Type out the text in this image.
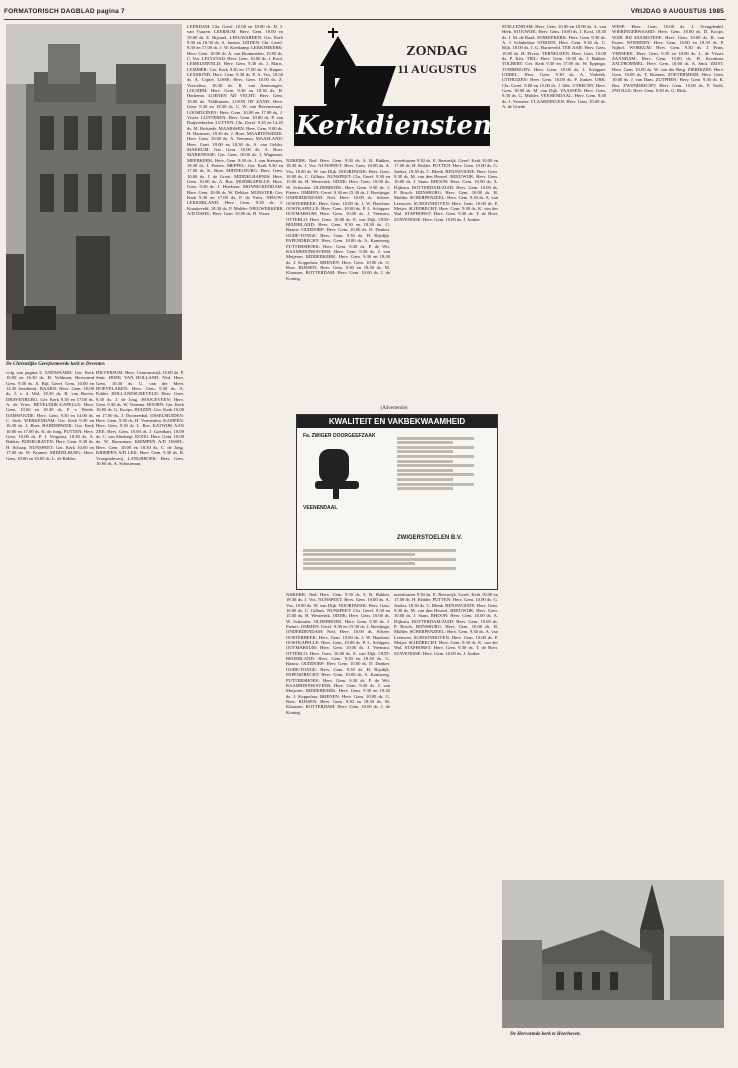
FORMATORISCH DAGBLAD pagina 7	VRIJDAG 9 AUGUSTUS 1985
De Christelijke Gereformeerde kerk te Deventer.

volg van pagina 6. ENDWAARD: Ger. Kerk 10.00 en 16.30 ds. H. Veldman; Hervormd Gem. 9.30 ds. A. Bijl, Geref. Gem. 10.00 en 14.30 leesdienst. BAARN: Herv. Gem. 10.00 ds. J. v. d. Wal, 18.30 ds. R. van Boven. DRAVENBURG: Ger. Kerk 9.30 en 17.00 ds. A. de Vries. BEVELDIJK-CAPELLE: Herv. Gem. 10.00 en 18.30 ds. F. v. Weele. DAMWOUDE: Herv. Gem. 9.30 en 14.00 ds. C. Stok. WERKENDAM: Ger. Kerk 9.30 en 16.30 ds. J. Boer. HARDERWIJK: Ger. Kerk 10.00 en 17.00 ds. K. de Jong. PUTTEN: Herv. Gem. 10.00 ds. P. J. Vergunst, 18.30 ds. A. Bakker. BODEGRAVEN: Herv. Gem. 9.30 ds. H. Schaap. NUNSPEET: Ger. Kerk 10.00 en 17.00 ds. W. Kramer. MIDDELBURG: Herv. Gem. 10.00 en 18.00 ds. L. de Ridder.

HILVERSUM: Herv. Centrumwijk 10.00 ds. P. Smit. HOEK VAN HOLLAND: Ned. Herv. Gem. 10.30 ds. G. van der Meer. HOEVELAKEN: Herv. Gem. 9.30 ds. A. Polder. HOLLANDSCHEVELD: Herv. Gem. 9.30 ds. J. de Jong. HOOGEVEEN: Herv. Gem. 9.30 ds. W. Venema. HOORN: Ger. Kerk 10.00 ds. G. Koops. HUIZEN: Ger. Kerk 10.00 en 17.00 ds. J. Doornenbal. IJSSELMUIDEN: Herv. Gem. 9.30 ds. H. Vermeulen. KAMPEN: Herv. Gem. 9.30 ds. L. Bos. KATWIJK AAN ZEE: Herv. Gem. 10.00 ds. J. Goedhart, 18.00 ds. C. van Sliedregt. KOOG: Herv. Gem. 10.00 ds. W. Bouwman. KRIMPEN A/D IJSSEL: Herv. Gem. 10.00 en 18.30 ds. C. de Jong. KRIMPEN A/D LEK: Herv. Gem. 9.30 ds. B. Vroegindeweij. LANGBROEK: Herv. Gem. 10.00 ds. A. Schuurman.

LEERDAM: Chr. Geref. 10.00 en 18.00 ds. D. J. van Vuuren. LEERSUM: Herv. Gem. 10.00 en 19.00 ds. E. Bijvank. LEEUWARDEN: Ger. Kerk 9.30 en 16.30 ds. A. Jansen. LEIDEN: Chr. Geref. 9.30 en 17.00 ds. J. W. Kieskamp. LEKKERKERK: Herv. Gem. 10.00 ds. A. van Brummelen, 19.00 ds. C. Vos. LELYSTAD: Herv. Gem. 10.00 ds. J. Kool. LEMELERVELD: Herv. Gem. 9.30 ds. J. Maris. LEMMER: Ger. Kerk 9.30 en 17.00 ds. S. Kuiper. LEXMOND: Herv. Gem. 9.30 ds. P. A. Vos, 18.30 ds. A. Copier. LISSE: Herv. Gem. 10.00 ds. Z. Verwelius, 18.30 ds. R. van Amerongen. LOCHEM: Herv. Gem. 9.30 en 18.30 ds. H. Harkema. LOENEN AD VECHT: Herv. Gem. 10.00 ds. Veldhuizen. LOON OP ZAND: Herv. Gem. 9.30 en 18.30 ds. C. W. van Ravenswaaij. LOOSDUINEN: Herv. Gem. 10.00 en 17.00 ds. J. Visser. LUNTEREN: Herv. Gem. 10.00 ds. P. van Duijvenboden. LUTTEN: Chr. Geref. 9.45 en 14.45 ds. M. Hofstede. MAARSSEN: Herv. Gem. 9.00 ds. H. Harmsen, 18.30 ds. J. Boer. MAARTENSDIJK: Herv. Gem. 10.00 ds. A. Veerman. MAASLAND: Herv. Gem. 10.00 en 18.30 ds. A. van Gelder. MAKKUM: Ger. Gem. 10.00 ds. A. Boer. MARKNESSE: Ger. Gem. 10.00 ds. J. Wagenaar. MEERKERK: Herv. Gem. 9.30 ds. J. van Ittersum, 18.30 ds. J. Pieters. MEPPEL: Ger. Kerk 9.30 en 17.00 ds. K. Boer. MIDDELBURG: Herv. Gem. 10.00 ds. J. de Groot. MIDDELHARNIS: Herv. Gem. 10.00 ds. A. Bos. MOERKAPELLE: Herv. Gem. 9.30 ds. J. Hoekstra. MONNICKENDAM: Herv. Gem. 10.00 ds. W. Dekker. MONSTER: Ger. Kerk 9.30 en 17.00 ds. P. de Vries. NIEUW-LEKKERLAND: Herv. Gem. 9.30 ds. J. Kraaijeveld, 18.30 ds. P. Mulder. NIEUWERKERK A/D IJSSEL: Herv. Gem. 10.00 ds. H. Visser.

ZONDAG
11 AUGUSTUS
Kerkdiensten

NIJKERK: Ned. Herv. Gem. 9.30 ds. S. R. Bakker, 18.30 ds. J. Vos. NUNSPEET: Herv. Gem. 10.00 ds. A. Vos, 18.00 ds. W. van Dijk. NOORDWIJK: Herv. Gem. 10.00 ds. C. Gilhuis. NUNSPEET: Chr. Geref. 9.30 en 15.00 ds. H. Westerink. ODIJK: Herv. Gem. 10.00 ds. W. Schouten. OLDEBROEK: Herv. Gem. 9.30 ds. J. Pieters. OMMEN: Geref. 9.30 en 15.30 ds. J. Boeijinga. ONDERDENDAM: Ned. Herv. 10.00 ds. Scheer. OOSTERBEEK: Herv. Gem. 10.00 ds. J. W. Hazelaar. OOSTKAPELLE: Herv. Gem. 10.00 ds. P. L. Schipper. OOTMARSUM: Herv. Gem. 10.00 ds. J. Veenstra. OTTERLO: Herv. Gem. 10.00 ds. E. van Dijk. OUD-BEIJERLAND: Herv. Gem. 9.30 en 18.30 ds. G. Baauw. OUDDORP: Herv. Gem. 10.00 ds. D. Donker. OUDE-TONGE: Herv. Gem. 9.30 ds. H. Rijsdijk. PAPENDRECHT: Herv. Gem. 10.00 ds. A. Kamsteeg. PUTTERSHOEK: Herv. Gem. 9.30 ds. P. de Wit. RAAMSDONKSVEER: Herv. Gem. 9.30 ds. J. van Meijeren. RIDDERKERK: Herv. Gem. 9.30 en 18.30 ds. J. Koppelaar. RHENEN: Herv. Gem. 10.00 ds. G. Boer. RIJSSEN: Herv. Gem. 9.30 en 18.30 ds. M. Klaassen. ROTTERDAM: Herv. Gem. 10.00 ds. J. de Koning.

meerhuizen 9.30 ds. E. Reeuwijk. Geref. Kerk 10.00 en 17.00 ds. H. Ridder. PUTTEN: Herv. Gem. 10.00 ds. G. Jonker, 18.30 ds. C. Blenk. RENSWOUDE: Herv. Gem. 9.30 ds. M. van den Heuvel. REEUWIJK: Herv. Gem. 10.00 ds. J. Stam. RHOON: Herv. Gem. 10.00 ds. A. Dijkstra. ROTTERDAM-ZUID: Herv. Gem. 10.00 ds. P. Bosch. RIJNSBURG: Herv. Gem. 10.00 ds. H. Mulder. SCHERPENZEEL: Herv. Gem. 9.30 ds. A. van Leeuwen. SCHOONHOVEN: Herv. Gem. 10.00 ds. P. Meijer. SLIEDRECHT: Herv. Gem. 9.30 ds. K. van der Wal. STAPHORST: Herv. Gem. 9.30 ds. T. de Boer. STAVENISSE: Herv. Gem. 10.00 ds. J. Jonker.

(Advertentie)
KWALITEIT EN VAKBEKWAAMHEID
Fa. ZWIGER DOORGEEFZAAK
VEENENDAAL
ZWIGERSTOELEN B.V.

NIJKERK: Ned. Herv. Gem. 9.30 ds. S. R. Bakker, 18.30 ds. J. Vos. NUNSPEET: Herv. Gem. 10.00 ds. A. Vos, 18.00 ds. W. van Dijk. NOORDWIJK: Herv. Gem. 10.00 ds. C. Gilhuis. NUNSPEET: Chr. Geref. 9.30 en 15.00 ds. H. Westerink. ODIJK: Herv. Gem. 10.00 ds. W. Schouten. OLDEBROEK: Herv. Gem. 9.30 ds. J. Pieters. OMMEN: Geref. 9.30 en 15.30 ds. J. Boeijinga. ONDERDENDAM: Ned. Herv. 10.00 ds. Scheer. OOSTERBEEK: Herv. Gem. 10.00 ds. J. W. Hazelaar. OOSTKAPELLE: Herv. Gem. 10.00 ds. P. L. Schipper. OOTMARSUM: Herv. Gem. 10.00 ds. J. Veenstra. OTTERLO: Herv. Gem. 10.00 ds. E. van Dijk. OUD-BEIJERLAND: Herv. Gem. 9.30 en 18.30 ds. G. Baauw. OUDDORP: Herv. Gem. 10.00 ds. D. Donker. OUDE-TONGE: Herv. Gem. 9.30 ds. H. Rijsdijk. PAPENDRECHT: Herv. Gem. 10.00 ds. A. Kamsteeg. PUTTERSHOEK: Herv. Gem. 9.30 ds. P. de Wit. RAAMSDONKSVEER: Herv. Gem. 9.30 ds. J. van Meijeren. RIDDERKERK: Herv. Gem. 9.30 en 18.30 ds. J. Koppelaar. RHENEN: Herv. Gem. 10.00 ds. G. Boer. RIJSSEN: Herv. Gem. 9.30 en 18.30 ds. M. Klaassen. ROTTERDAM: Herv. Gem. 10.00 ds. J. de Koning.

meerhuizen 9.30 ds. E. Reeuwijk. Geref. Kerk 10.00 en 17.00 ds. H. Ridder. PUTTEN: Herv. Gem. 10.00 ds. G. Jonker, 18.30 ds. C. Blenk. RENSWOUDE: Herv. Gem. 9.30 ds. M. van den Heuvel. REEUWIJK: Herv. Gem. 10.00 ds. J. Stam. RHOON: Herv. Gem. 10.00 ds. A. Dijkstra. ROTTERDAM-ZUID: Herv. Gem. 10.00 ds. P. Bosch. RIJNSBURG: Herv. Gem. 10.00 ds. H. Mulder. SCHERPENZEEL: Herv. Gem. 9.30 ds. A. van Leeuwen. SCHOONHOVEN: Herv. Gem. 10.00 ds. P. Meijer. SLIEDRECHT: Herv. Gem. 9.30 ds. K. van der Wal. STAPHORST: Herv. Gem. 9.30 ds. T. de Boer. STAVENISSE: Herv. Gem. 10.00 ds. J. Jonker.

STELLENDAM: Herv. Gem. 10.00 en 18.00 ds. A. van Herk. STOLWIJK: Herv. Gem. 10.00 ds. J. Kool, 18.30 ds. J. M. de Raad. STREEFKERK: Herv. Gem. 9.30 ds. A. J. Schakelaar. STRIJEN: Herv. Gem. 9.30 ds. C. Rijk, 18.00 ds. J. G. Barneveld. TER AAR: Herv. Gem. 10.00 ds. H. Elvers. TERNEUZEN: Herv. Gem. 10.00 ds. P. Kist. TIEL: Herv. Gem. 10.00 ds. J. Bakker. TOLBERT: Ger. Kerk 9.30 en 17.00 ds. W. Eppinga. TUBBERGEN: Herv. Gem. 10.00 ds. J. Schipper. UDDEL: Herv. Gem. 9.30 ds. A. Verbeek. UITHUIZEN: Herv. Gem. 10.00 ds. P. Jonker. URK: Chr. Geref. 9.00 en 15.00 ds. J. Slik. UTRECHT: Herv. Gem. 10.00 ds. M. van Dijk. VAASSEN: Herv. Gem. 9.30 ds. G. Mulder. VEENENDAAL: Herv. Gem. 9.30 ds. J. Vermeer. VLAARDINGEN: Herv. Gem. 10.00 ds. A. de Goede.

WESP: Herv. Gem. 10.00 ds. J. Vreugdenhil. WIERINGERWAARD: Herv. Gem. 10.00 ds. D. Koops. WIJK BIJ DUURSTEDE: Herv. Gem. 10.00 ds. R. van Essen. WOERDEN: Herv. Gem. 10.00 en 18.30 ds. P. Nijhof. WORKUM: Herv. Gem. 9.30 ds. J. Prins. YERSEKE: Herv. Gem. 9.30 en 18.00 ds. L. de Visser. ZAANDAM: Herv. Gem. 10.00 ds. H. Kooiman. ZALTBOMMEL: Herv. Gem. 10.00 ds. A. Smit. ZEIST: Herv. Gem. 10.00 ds. W. van der Berg. ZIERIKZEE: Herv. Gem. 10.00 ds. T. Brienen. ZOETERMEER: Herv. Gem. 10.00 ds. J. van Dam. ZUTPHEN: Herv. Gem. 9.30 ds. K. Bos. ZWIJNDRECHT: Herv. Gem. 10.00 ds. P. Stolk. ZWOLLE: Herv. Gem. 9.30 ds. G. Blok.

De Hervormde kerk te Heerhoven.
